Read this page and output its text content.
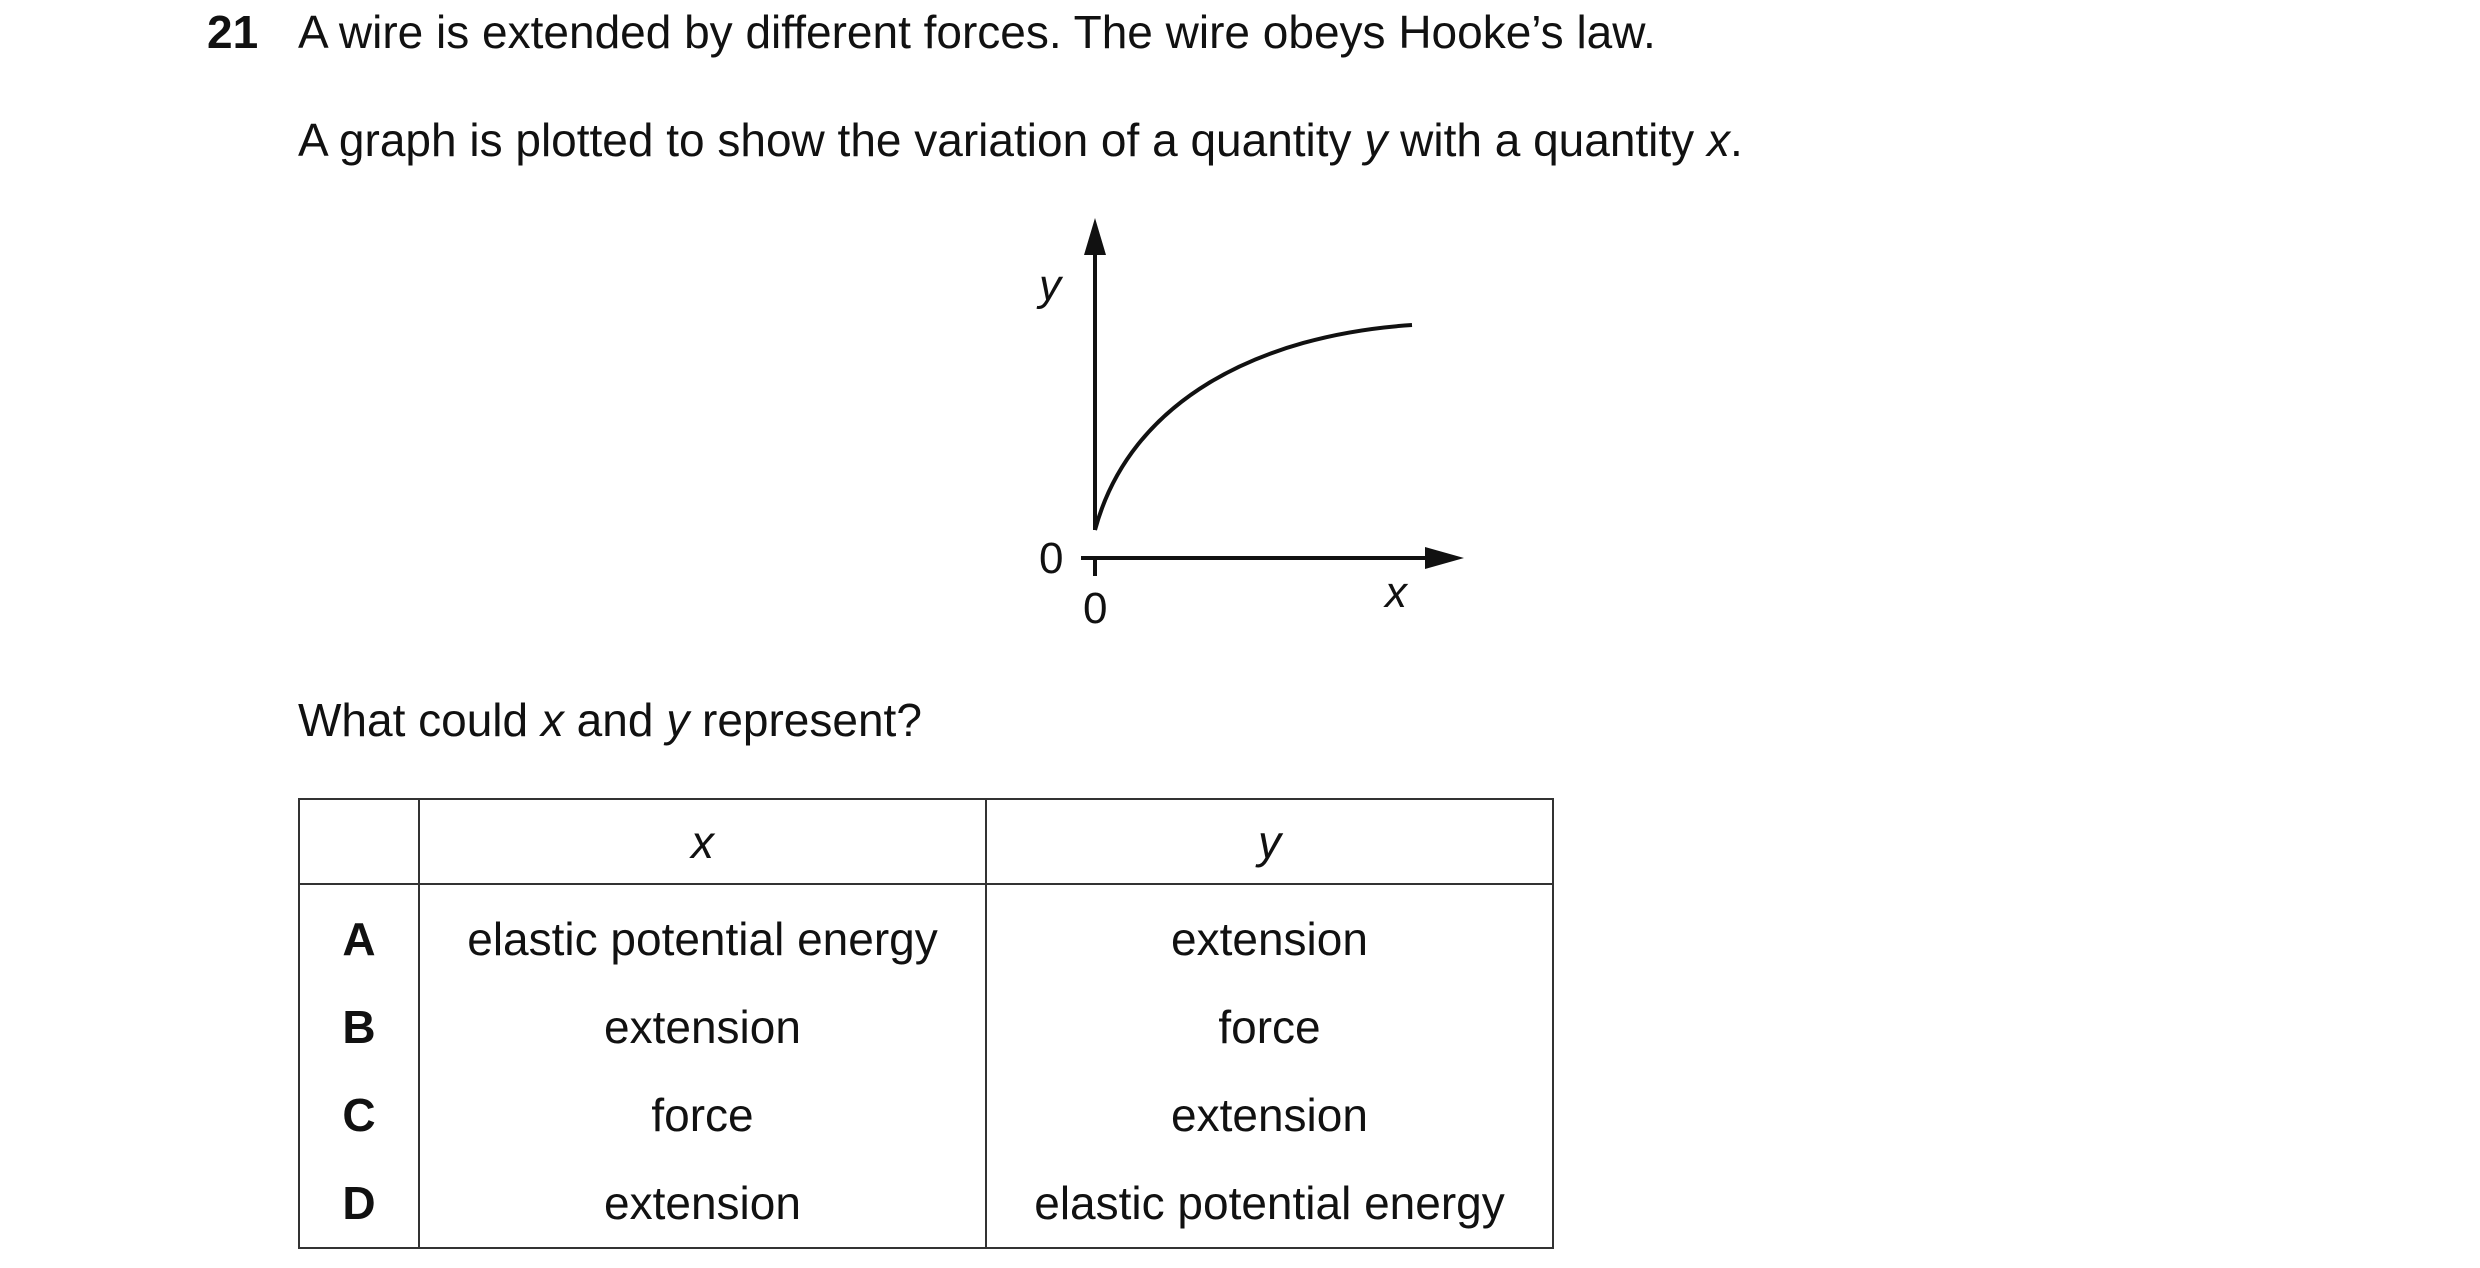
21 A wire is extended by different forces. The wire obeys Hooke’s law.
A graph is plotted to show the variation of a quantity y with a quantity x.
y
x
0
0
What could x and y represent?
	x	y
A	elastic potential energy	extension
B	extension	force
C	force	extension
D	extension	elastic potential energy
